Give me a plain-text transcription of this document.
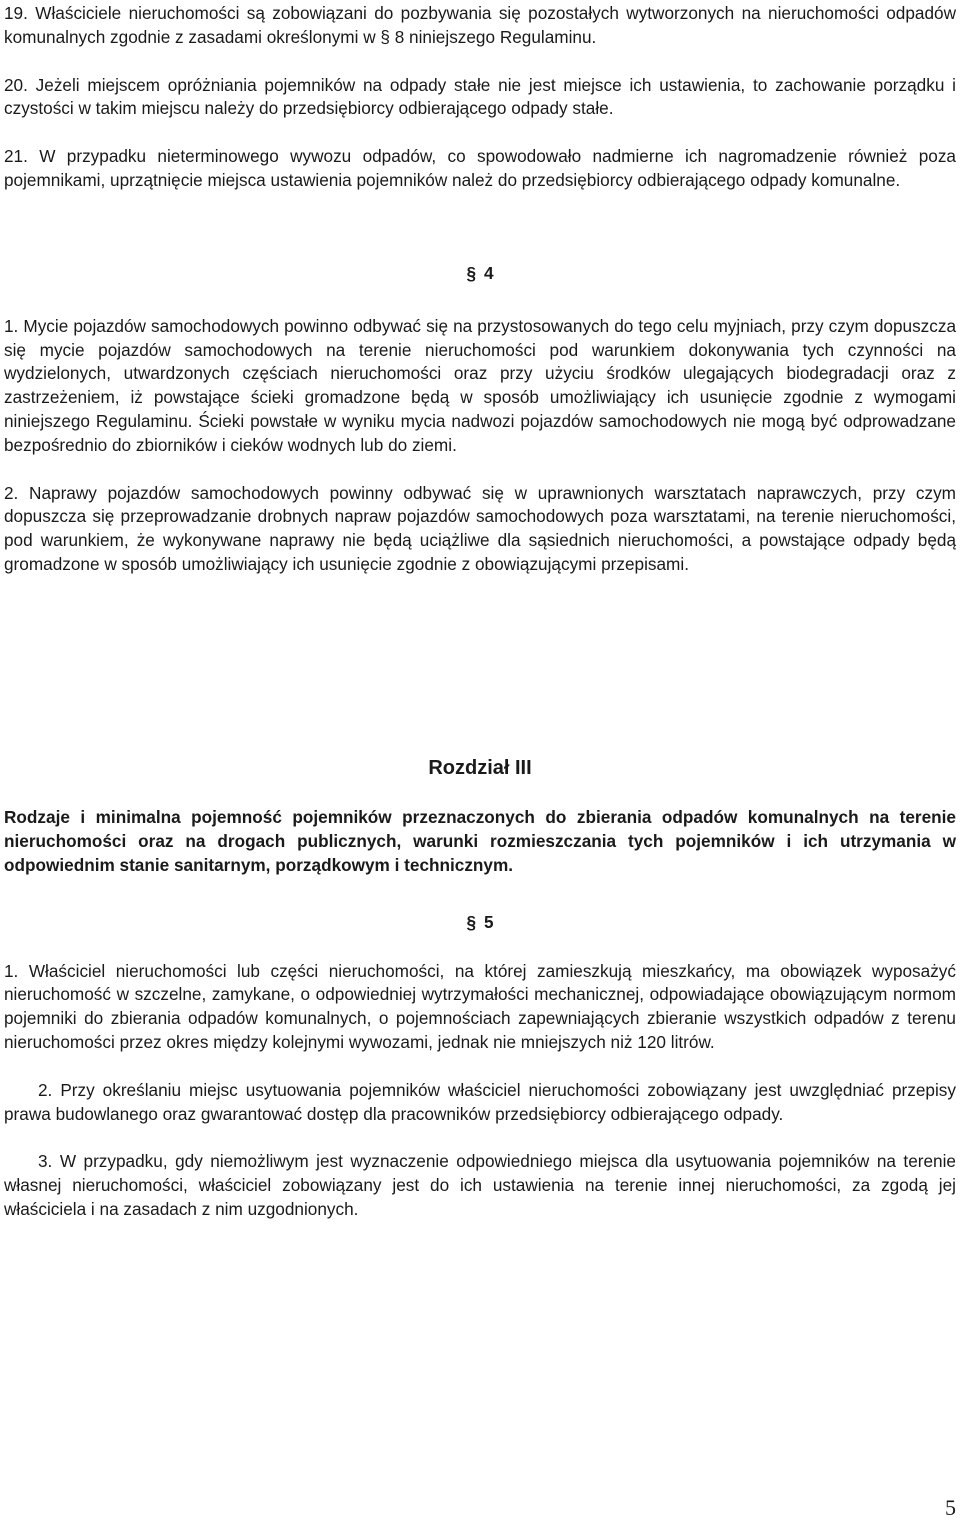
19. Właściciele nieruchomości są zobowiązani do pozbywania się pozostałych wytworzonych na nieruchomości odpadów komunalnych zgodnie z zasadami określonymi w § 8 niniejszego Regulaminu.

20. Jeżeli miejscem opróżniania pojemników na odpady stałe nie jest miejsce ich ustawienia, to zachowanie porządku i czystości w takim miejscu należy do przedsiębiorcy odbierającego odpady stałe.

21. W przypadku nieterminowego wywozu odpadów, co spowodowało nadmierne ich nagromadzenie również poza pojemnikami, uprzątnięcie miejsca ustawienia pojemników należ do przedsiębiorcy odbierającego odpady komunalne.

§ 4

1. Mycie pojazdów samochodowych powinno odbywać się na przystosowanych do tego celu myjniach, przy czym dopuszcza się mycie pojazdów samochodowych na terenie nieruchomości pod warunkiem dokonywania tych czynności na wydzielonych, utwardzonych częściach nieruchomości oraz przy użyciu środków ulegających biodegradacji oraz z zastrzeżeniem, iż powstające ścieki gromadzone będą w sposób umożliwiający ich usunięcie zgodnie z wymogami niniejszego Regulaminu. Ścieki powstałe w wyniku mycia nadwozi pojazdów samochodowych nie mogą być odprowadzane bezpośrednio do zbiorników i cieków wodnych lub do ziemi.

2. Naprawy pojazdów samochodowych powinny odbywać się w uprawnionych warsztatach naprawczych, przy czym dopuszcza się przeprowadzanie drobnych napraw pojazdów samochodowych poza warsztatami, na terenie nieruchomości, pod warunkiem, że wykonywane naprawy nie będą uciążliwe dla sąsiednich nieruchomości, a powstające odpady będą gromadzone w sposób umożliwiający ich usunięcie zgodnie z obowiązującymi przepisami.

Rozdział III

Rodzaje i minimalna pojemność pojemników przeznaczonych do zbierania odpadów komunalnych na terenie nieruchomości oraz na drogach publicznych, warunki rozmieszczania tych pojemników i ich utrzymania w odpowiednim stanie sanitarnym, porządkowym i technicznym.

§ 5

1. Właściciel nieruchomości lub części nieruchomości, na której zamieszkują mieszkańcy, ma obowiązek wyposażyć nieruchomość w szczelne, zamykane, o odpowiedniej wytrzymałości mechanicznej, odpowiadające obowiązującym normom pojemniki do zbierania odpadów komunalnych, o pojemnościach zapewniających zbieranie wszystkich odpadów z terenu nieruchomości przez okres między kolejnymi wywozami, jednak nie mniejszych niż 120 litrów.

2. Przy określaniu miejsc usytuowania pojemników właściciel nieruchomości zobowiązany jest uwzględniać przepisy prawa budowlanego oraz gwarantować dostęp dla pracowników przedsiębiorcy odbierającego odpady.

3. W przypadku, gdy niemożliwym jest wyznaczenie odpowiedniego miejsca dla usytuowania pojemników na terenie własnej nieruchomości, właściciel zobowiązany jest do ich ustawienia na terenie innej nieruchomości, za zgodą jej właściciela i na zasadach z nim uzgodnionych.

5
